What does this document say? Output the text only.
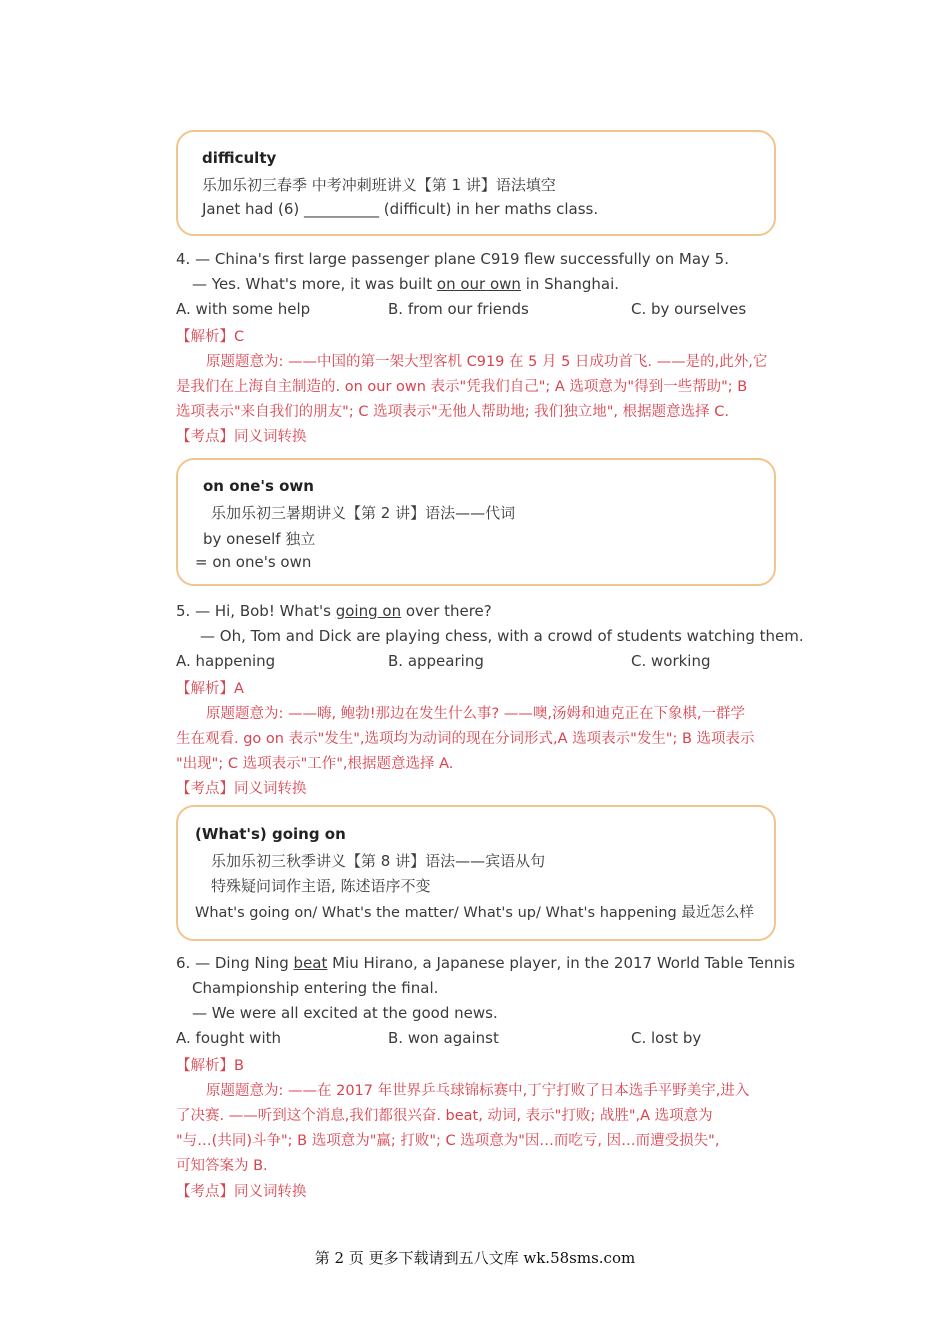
difficulty
乐加乐初三春季 中考冲刺班讲义【第 1 讲】语法填空
Janet had (6) __________ (difficult) in her maths class.
4. — China's first large passenger plane C919 flew successfully on May 5.
— Yes. What's more, it was built on our own in Shanghai.
A. with some help	B. from our friends	C. by ourselves
【解析】C
原题题意为: ——中国的第一架大型客机 C919 在 5 月 5 日成功首飞. ——是的,此外,它
是我们在上海自主制造的. on our own 表示"凭我们自己"; A 选项意为"得到一些帮助"; B
选项表示"来自我们的朋友"; C 选项表示"无他人帮助地; 我们独立地", 根据题意选择 C.
【考点】同义词转换
on one's own
乐加乐初三暑期讲义【第 2 讲】语法——代词
by oneself 独立
= on one's own
5. — Hi, Bob! What's going on over there?
— Oh, Tom and Dick are playing chess, with a crowd of students watching them.
A. happening	B. appearing	C. working
【解析】A
原题题意为: ——嗨, 鲍勃!那边在发生什么事? ——噢,汤姆和迪克正在下象棋,一群学
生在观看. go on 表示"发生",选项均为动词的现在分词形式,A 选项表示"发生"; B 选项表示
"出现"; C 选项表示"工作",根据题意选择 A.
【考点】同义词转换
(What's) going on
乐加乐初三秋季讲义【第 8 讲】语法——宾语从句
特殊疑问词作主语, 陈述语序不变
What's going on/ What's the matter/ What's up/ What's happening 最近怎么样
6. — Ding Ning beat Miu Hirano, a Japanese player, in the 2017 World Table Tennis
Championship entering the final.
— We were all excited at the good news.
A. fought with	B. won against	C. lost by
【解析】B
原题题意为: ——在 2017 年世界乒乓球锦标赛中,丁宁打败了日本选手平野美宇,进入
了决赛. ——听到这个消息,我们都很兴奋. beat, 动词, 表示"打败; 战胜",A 选项意为
"与…(共同)斗争"; B 选项意为"赢; 打败"; C 选项意为"因…而吃亏, 因…而遭受损失",
可知答案为 B.
【考点】同义词转换
第 2 页 更多下载请到五八文库 wk.58sms.com
